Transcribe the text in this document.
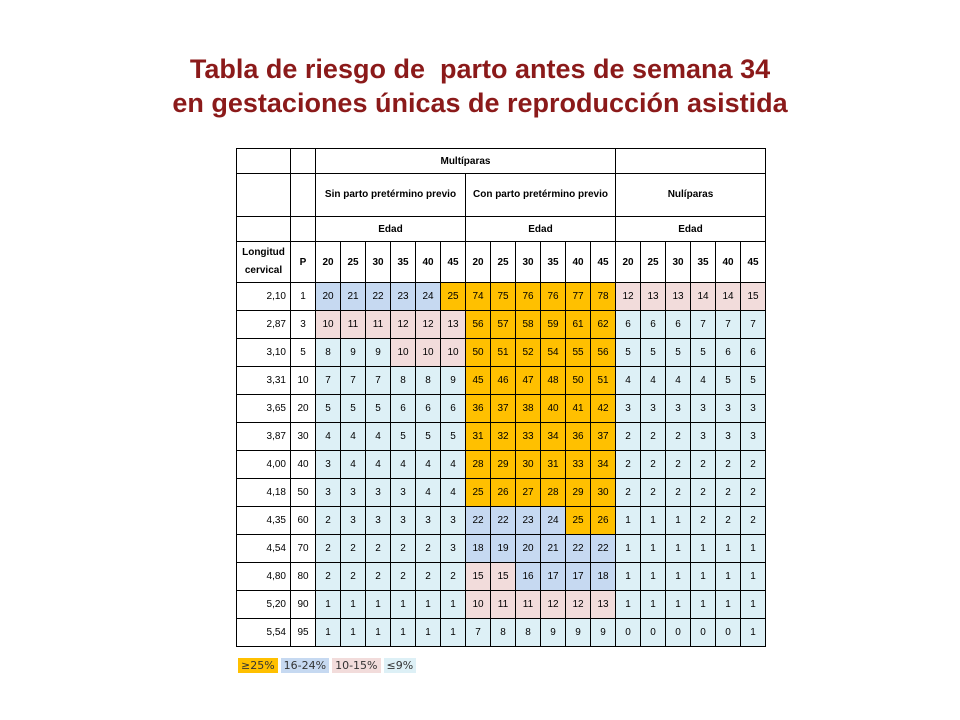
Tabla de riesgo de  parto antes de semana 34
en gestaciones únicas de reproducción asistida
		Multíparas																	
		Sin parto pretérmino previo						Con parto pretérmino previo						Nulíparas					
		Edad						Edad						Edad					
Longitud cervical	P	20	25	30	35	40	45	20	25	30	35	40	45	20	25	30	35	40	45
2,10	1	20	21	22	23	24	25	74	75	76	76	77	78	12	13	13	14	14	15
2,87	3	10	11	11	12	12	13	56	57	58	59	61	62	6	6	6	7	7	7
3,10	5	8	9	9	10	10	10	50	51	52	54	55	56	5	5	5	5	6	6
3,31	10	7	7	7	8	8	9	45	46	47	48	50	51	4	4	4	4	5	5
3,65	20	5	5	5	6	6	6	36	37	38	40	41	42	3	3	3	3	3	3
3,87	30	4	4	4	5	5	5	31	32	33	34	36	37	2	2	2	3	3	3
4,00	40	3	4	4	4	4	4	28	29	30	31	33	34	2	2	2	2	2	2
4,18	50	3	3	3	3	4	4	25	26	27	28	29	30	2	2	2	2	2	2
4,35	60	2	3	3	3	3	3	22	22	23	24	25	26	1	1	1	2	2	2
4,54	70	2	2	2	2	2	3	18	19	20	21	22	22	1	1	1	1	1	1
4,80	80	2	2	2	2	2	2	15	15	16	17	17	18	1	1	1	1	1	1
5,20	90	1	1	1	1	1	1	10	11	11	12	12	13	1	1	1	1	1	1
5,54	95	1	1	1	1	1	1	7	8	8	9	9	9	0	0	0	0	0	1
≥25% 16-24% 10-15% ≤9%
